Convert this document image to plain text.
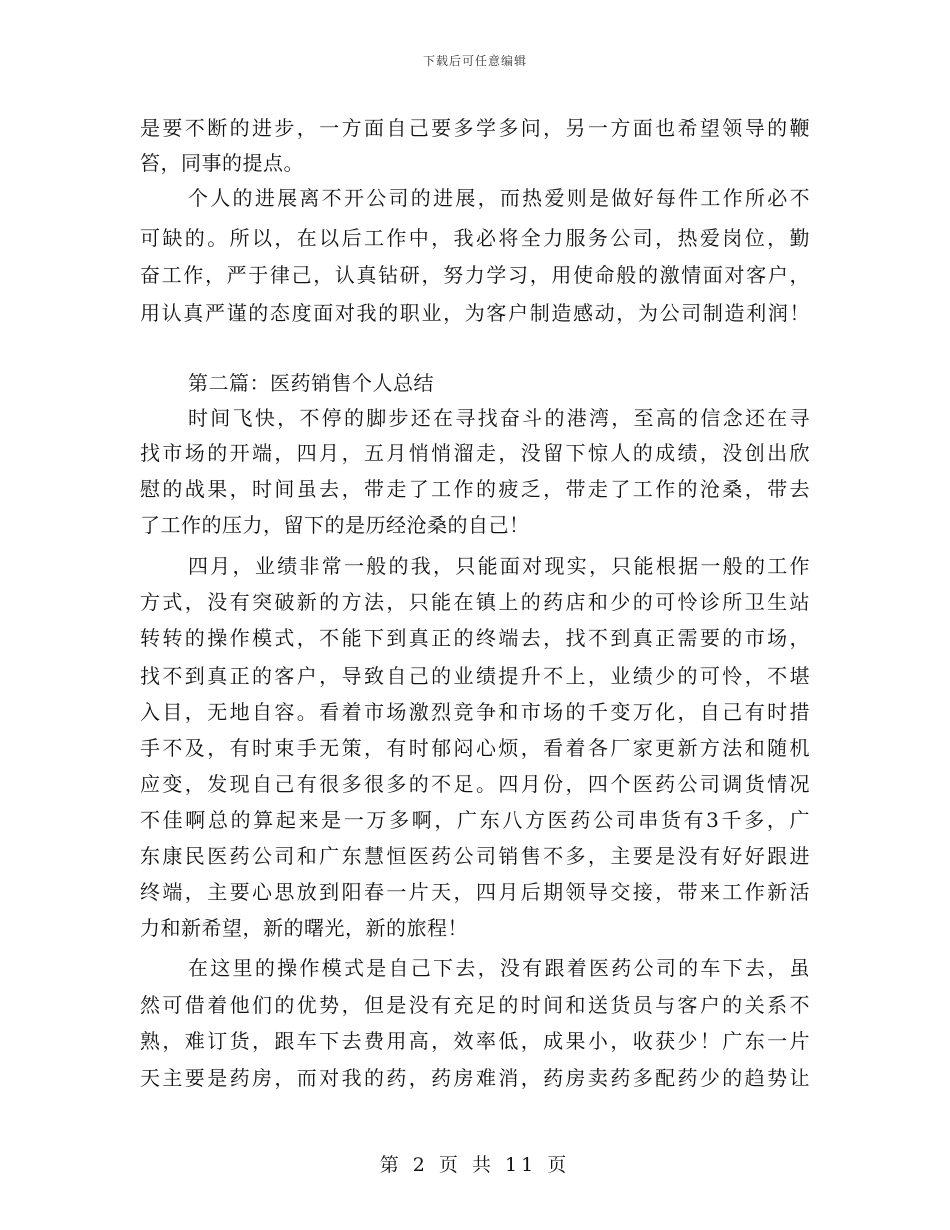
下载后可任意编辑
是要不断的进步，一方面自己要多学多问，另一方面也希望领导的鞭
笞，同事的提点。
个人的进展离不开公司的进展，而热爱则是做好每件工作所必不
可缺的。所以，在以后工作中，我必将全力服务公司，热爱岗位，勤
奋工作，严于律己，认真钻研，努力学习，用使命般的激情面对客户，
用认真严谨的态度面对我的职业，为客户制造感动，为公司制造利润！
第二篇：医药销售个人总结
时间飞快，不停的脚步还在寻找奋斗的港湾，至高的信念还在寻
找市场的开端，四月，五月悄悄溜走，没留下惊人的成绩，没创出欣
慰的战果，时间虽去，带走了工作的疲乏，带走了工作的沧桑，带去
了工作的压力，留下的是历经沧桑的自己！
四月，业绩非常一般的我，只能面对现实，只能根据一般的工作
方式，没有突破新的方法，只能在镇上的药店和少的可怜诊所卫生站
转转的操作模式，不能下到真正的终端去，找不到真正需要的市场，
找不到真正的客户，导致自己的业绩提升不上，业绩少的可怜，不堪
入目，无地自容。看着市场激烈竞争和市场的千变万化，自己有时措
手不及，有时束手无策，有时郁闷心烦，看着各厂家更新方法和随机
应变，发现自己有很多很多的不足。四月份，四个医药公司调货情况
不佳啊总的算起来是一万多啊，广东八方医药公司串货有3千多，广
东康民医药公司和广东慧恒医药公司销售不多，主要是没有好好跟进
终端，主要心思放到阳春一片天，四月后期领导交接，带来工作新活
力和新希望，新的曙光，新的旅程！
在这里的操作模式是自己下去，没有跟着医药公司的车下去，虽
然可借着他们的优势，但是没有充足的时间和送货员与客户的关系不
熟，难订货，跟车下去费用高，效率低，成果小，收获少！广东一片
天主要是药房，而对我的药，药房难消，药房卖药多配药少的趋势让
第 2 页 共 11 页
